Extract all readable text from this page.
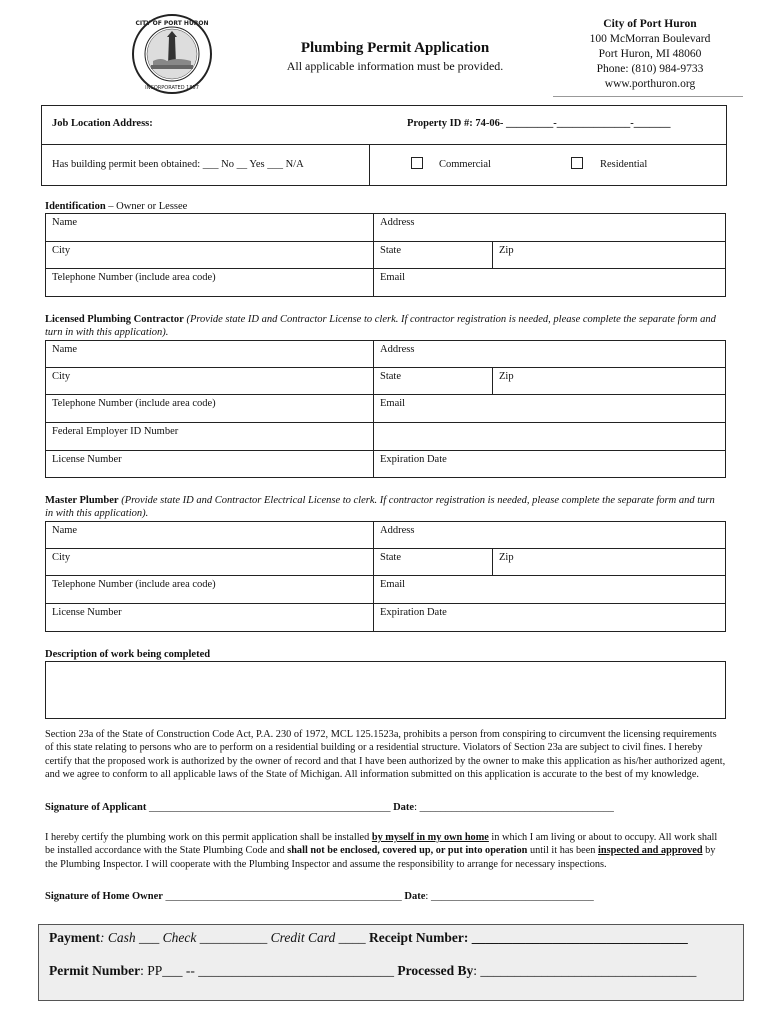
CITY OF PORT HURON
INCORPORATED 1857
Plumbing Permit Application
All applicable information must be provided.
City of Port Huron
100 McMorran Boulevard
Port Huron, MI 48060
Phone: (810) 984-9733
www.porthuron.org
Job Location Address:	Property ID #: 74-06- _________-______________-_______
Has building permit been obtained: ___ No __ Yes ___ N/A	Commercial	Residential
Identification – Owner or Lessee
Name	Address
City	State	Zip
Telephone Number (include area code)	Email
Licensed Plumbing Contractor (Provide state ID and Contractor License to clerk. If contractor registration is needed, please complete the separate form and turn in with this application).
Name	Address
City	State	Zip
Telephone Number (include area code)	Email
Federal Employer ID Number
License Number	Expiration Date
Master Plumber (Provide state ID and Contractor Electrical License to clerk. If contractor registration is needed, please complete the separate form and turn in with this application).
Name	Address
City	State	Zip
Telephone Number (include area code)	Email
License Number	Expiration Date
Description of work being completed
Section 23a of the State of Construction Code Act, P.A. 230 of 1972, MCL 125.1523a, prohibits a person from conspiring to circumvent the licensing requirements of this state relating to persons who are to perform on a residential building or a residential structure. Violators of Section 23a are subject to civil fines. I hereby certify that the proposed work is authorized by the owner of record and that I have been authorized by the owner to make this application as his/her authorized agent, and we agree to conform to all applicable laws of the State of Michigan. All information submitted on this application is accurate to the best of my knowledge.
Signature of Applicant ______________________________________________ Date: _____________________________________
I hereby certify the plumbing work on this permit application shall be installed by myself in my own home in which I am living or about to occupy. All work shall be installed accordance with the State Plumbing Code and shall not be enclosed, covered up, or put into operation until it has been inspected and approved by the Plumbing Inspector. I will cooperate with the Plumbing Inspector and assume the responsibility to arrange for necessary inspections.
Signature of Home Owner _____________________________________________ Date: _______________________________
Payment: Cash ___ Check __________ Credit Card ____ Receipt Number: ________________________________
Permit Number: PP___ -- _____________________________ Processed By: ________________________________
